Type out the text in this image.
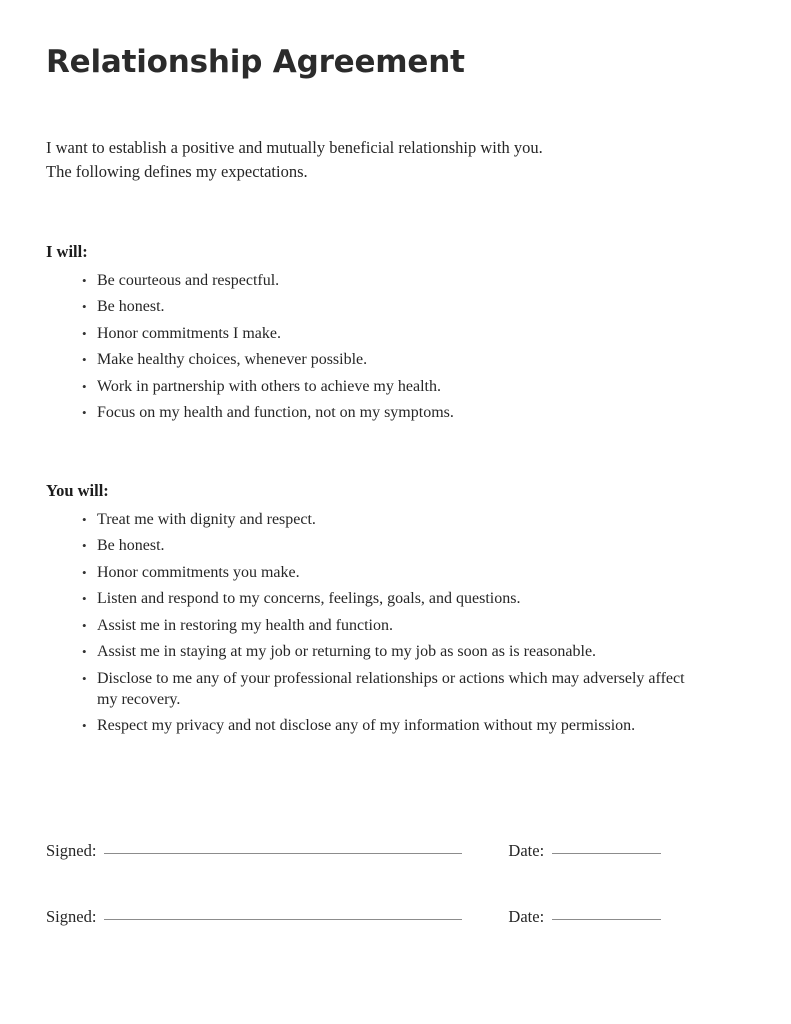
Relationship Agreement

I want to establish a positive and mutually beneficial relationship with you.
The following defines my expectations.

I will:
• Be courteous and respectful.
• Be honest.
• Honor commitments I make.
• Make healthy choices, whenever possible.
• Work in partnership with others to achieve my health.
• Focus on my health and function, not on my symptoms.
You will:
• Treat me with dignity and respect.
• Be honest.
• Honor commitments you make.
• Listen and respond to my concerns, feelings, goals, and questions.
• Assist me in restoring my health and function.
• Assist me in staying at my job or returning to my job as soon as is reasonable.
• Disclose to me any of your professional relationships or actions which may adversely affect my recovery.
• Respect my privacy and not disclose any of my information without my permission.
Signed:	Date:
Signed:	Date:
